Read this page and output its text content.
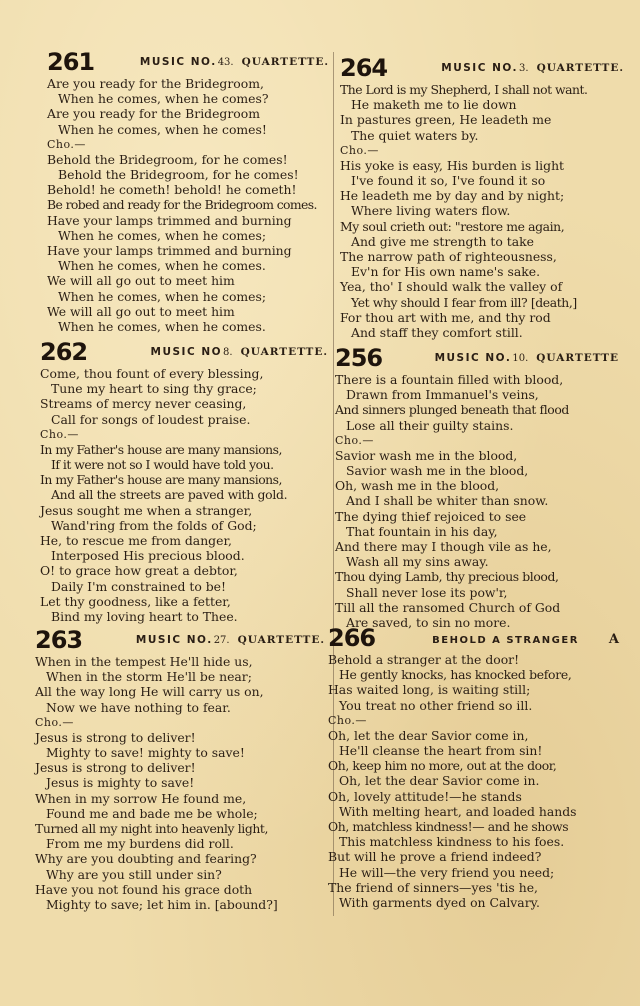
261	MUSIC NO.43. QUARTETTE.
Are you ready for the Bridegroom,
When he comes, when he comes?
Are you ready for the Bridegroom
When he comes, when he comes!
Cho.—
Behold the Bridegroom, for he comes!
Behold the Bridegroom, for he comes!
Behold! he cometh! behold! he cometh!
Be robed and ready for the Bridegroom comes.
Have your lamps trimmed and burning
When he comes, when he comes;
Have your lamps trimmed and burning
When he comes, when he comes.
We will all go out to meet him
When he comes, when he comes;
We will all go out to meet him
When he comes, when he comes.
262	MUSIC NO8. QUARTETTE.
Come, thou fount of every blessing,
Tune my heart to sing thy grace;
Streams of mercy never ceasing,
Call for songs of loudest praise.
Cho.—
In my Father's house are many mansions,
If it were not so I would have told you.
In my Father's house are many mansions,
And all the streets are paved with gold.
Jesus sought me when a stranger,
Wand'ring from the folds of God;
He, to rescue me from danger,
Interposed His precious blood.
O! to grace how great a debtor,
Daily I'm constrained to be!
Let thy goodness, like a fetter,
Bind my loving heart to Thee.
263	MUSIC NO.27. QUARTETTE.
When in the tempest He'll hide us,
When in the storm He'll be near;
All the way long He will carry us on,
Now we have nothing to fear.
Cho.—
Jesus is strong to deliver!
Mighty to save! mighty to save!
Jesus is strong to deliver!
Jesus is mighty to save!
When in my sorrow He found me,
Found me and bade me be whole;
Turned all my night into heavenly light,
From me my burdens did roll.
Why are you doubting and fearing?
Why are you still under sin?
Have you not found his grace doth
Mighty to save; let him in. [abound?]
264	MUSIC NO.3. QUARTETTE.
The Lord is my Shepherd, I shall not want.
He maketh me to lie down
In pastures green, He leadeth me
The quiet waters by.
Cho.—
His yoke is easy, His burden is light
I've found it so, I've found it so
He leadeth me by day and by night;
Where living waters flow.
My soul crieth out: "restore me again,
And give me strength to take
The narrow path of righteousness,
Ev'n for His own name's sake.
Yea, tho' I should walk the valley of
Yet why should I fear from ill? [death,]
For thou art with me, and thy rod
And staff they comfort still.
256	MUSIC NO.10. QUARTETTE
There is a fountain filled with blood,
Drawn from Immanuel's veins,
And sinners plunged beneath that flood
Lose all their guilty stains.
Cho.—
Savior wash me in the blood,
Savior wash me in the blood,
Oh, wash me in the blood,
And I shall be whiter than snow.
The dying thief rejoiced to see
That fountain in his day,
And there may I though vile as he,
Wash all my sins away.
Thou dying Lamb, thy precious blood,
Shall never lose its pow'r,
Till all the ransomed Church of God
Are saved, to sin no more.
266	BEHOLD A STRANGER A
Behold a stranger at the door!
He gently knocks, has knocked before,
Has waited long, is waiting still;
You treat no other friend so ill.
Cho.—
Oh, let the dear Savior come in,
He'll cleanse the heart from sin!
Oh, keep him no more, out at the door,
Oh, let the dear Savior come in.
Oh, lovely attitude!—he stands
With melting heart, and loaded hands
Oh, matchless kindness!— and he shows
This matchless kindness to his foes.
But will he prove a friend indeed?
He will—the very friend you need;
The friend of sinners—yes 'tis he,
With garments dyed on Calvary.
